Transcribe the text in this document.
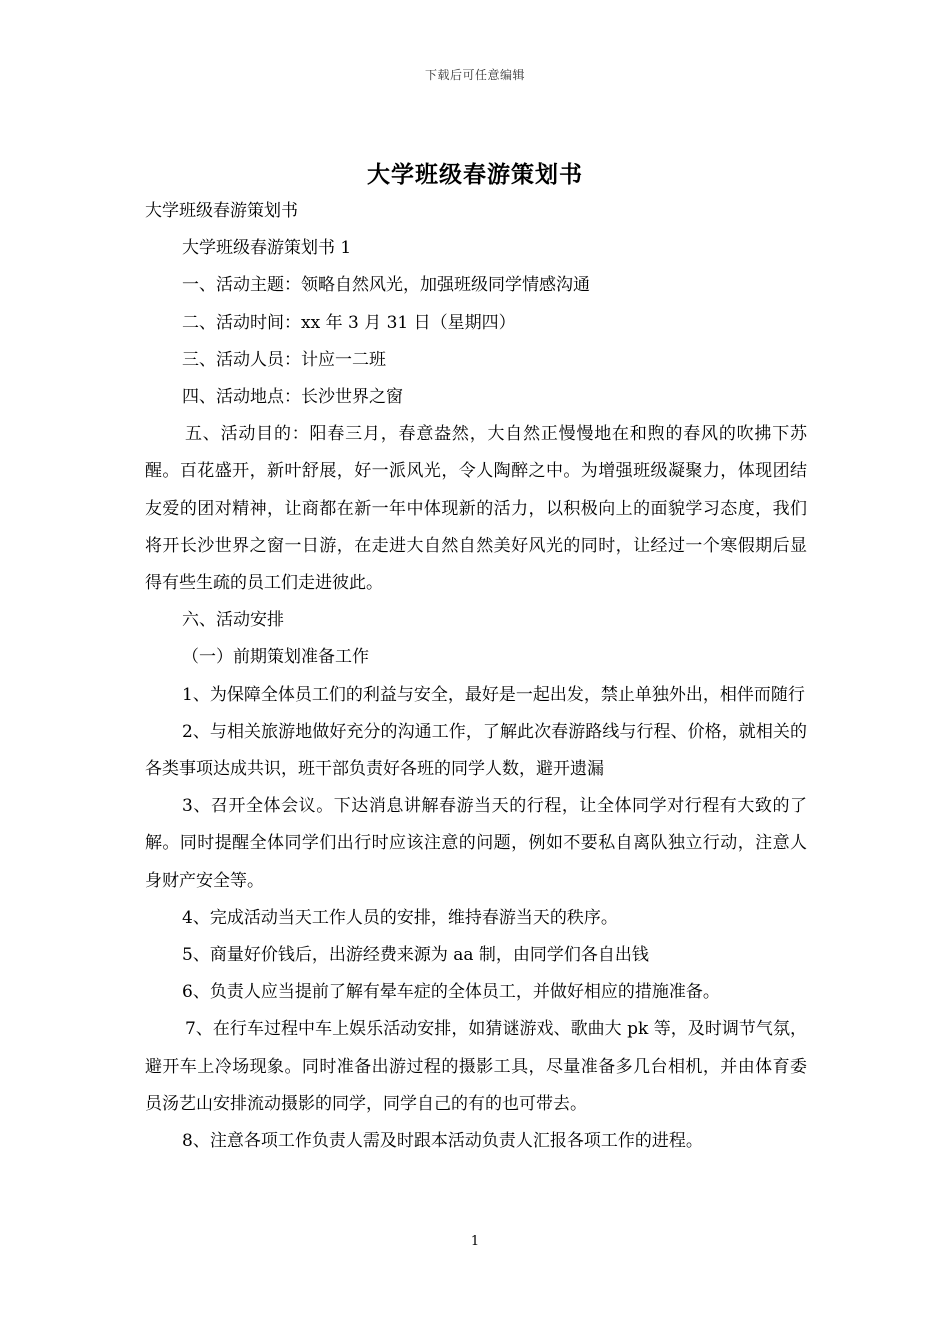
下载后可任意编辑
大学班级春游策划书

大学班级春游策划书

大学班级春游策划书 1

一、活动主题：领略自然风光，加强班级同学情感沟通

二、活动时间：xx 年 3 月 31 日（星期四）

三、活动人员：计应一二班

四、活动地点：长沙世界之窗

五、活动目的：阳春三月，春意盎然，大自然正慢慢地在和煦的春风的吹拂下苏醒。百花盛开，新叶舒展，好一派风光，令人陶醉之中。为增强班级凝聚力，体现团结友爱的团对精神，让商都在新一年中体现新的活力，以积极向上的面貌学习态度，我们将开长沙世界之窗一日游，在走进大自然自然美好风光的同时，让经过一个寒假期后显得有些生疏的员工们走进彼此。

六、活动安排

（一）前期策划准备工作

1、为保障全体员工们的利益与安全，最好是一起出发，禁止单独外出，相伴而随行

2、与相关旅游地做好充分的沟通工作，了解此次春游路线与行程、价格，就相关的各类事项达成共识，班干部负责好各班的同学人数，避开遗漏

3、召开全体会议。下达消息讲解春游当天的行程，让全体同学对行程有大致的了解。同时提醒全体同学们出行时应该注意的问题，例如不要私自离队独立行动，注意人身财产安全等。

4、完成活动当天工作人员的安排，维持春游当天的秩序。

5、商量好价钱后，出游经费来源为 aa 制，由同学们各自出钱

6、负责人应当提前了解有晕车症的全体员工，并做好相应的措施准备。

7、在行车过程中车上娱乐活动安排，如猜谜游戏、歌曲大 pk 等，及时调节气氛，避开车上冷场现象。同时准备出游过程的摄影工具，尽量准备多几台相机，并由体育委员汤艺山安排流动摄影的同学，同学自己的有的也可带去。

8、注意各项工作负责人需及时跟本活动负责人汇报各项工作的进程。

1
